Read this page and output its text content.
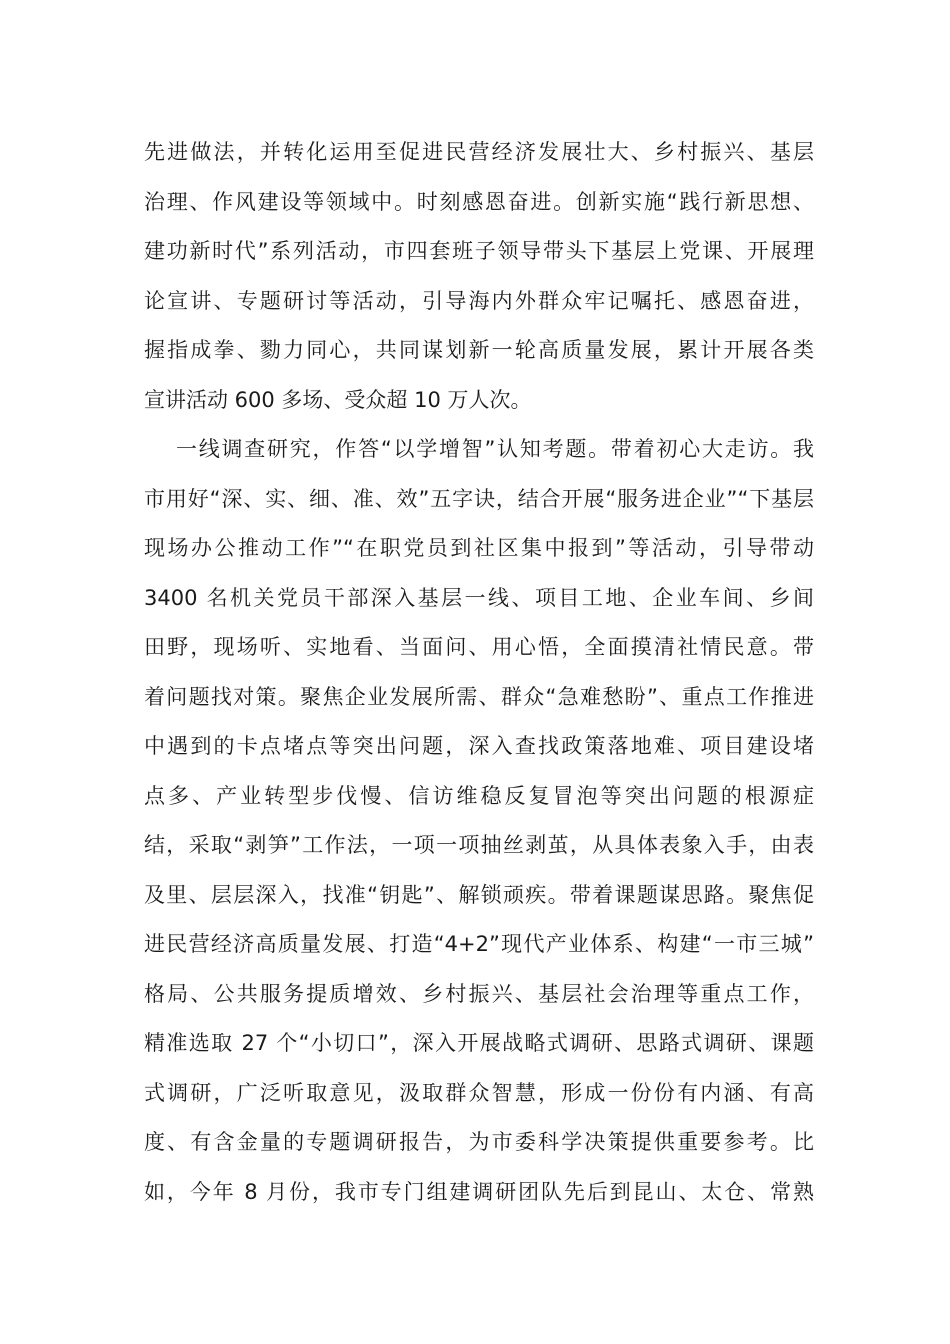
先进做法，并转化运用至促进民营经济发展壮大、乡村振兴、基层
治理、作风建设等领域中。时刻感恩奋进。创新实施“践行新思想、
建功新时代”系列活动，市四套班子领导带头下基层上党课、开展理
论宣讲、专题研讨等活动，引导海内外群众牢记嘱托、感恩奋进，
握指成拳、勠力同心，共同谋划新一轮高质量发展，累计开展各类
宣讲活动 600 多场、受众超 10 万人次。
一线调查研究，作答“以学增智”认知考题。带着初心大走访。我
市用好“深、实、细、准、效”五字诀，结合开展“服务进企业”“下基层
现场办公推动工作”“在职党员到社区集中报到”等活动，引导带动
3400 名机关党员干部深入基层一线、项目工地、企业车间、乡间
田野，现场听、实地看、当面问、用心悟，全面摸清社情民意。带
着问题找对策。聚焦企业发展所需、群众“急难愁盼”、重点工作推进
中遇到的卡点堵点等突出问题，深入查找政策落地难、项目建设堵
点多、产业转型步伐慢、信访维稳反复冒泡等突出问题的根源症
结，采取“剥笋”工作法，一项一项抽丝剥茧，从具体表象入手，由表
及里、层层深入，找准“钥匙”、解锁顽疾。带着课题谋思路。聚焦促
进民营经济高质量发展、打造“4+2”现代产业体系、构建“一市三城”
格局、公共服务提质增效、乡村振兴、基层社会治理等重点工作，
精准选取 27 个“小切口”，深入开展战略式调研、思路式调研、课题
式调研，广泛听取意见，汲取群众智慧，形成一份份有内涵、有高
度、有含金量的专题调研报告，为市委科学决策提供重要参考。比
如，今年 8 月份，我市专门组建调研团队先后到昆山、太仓、常熟
